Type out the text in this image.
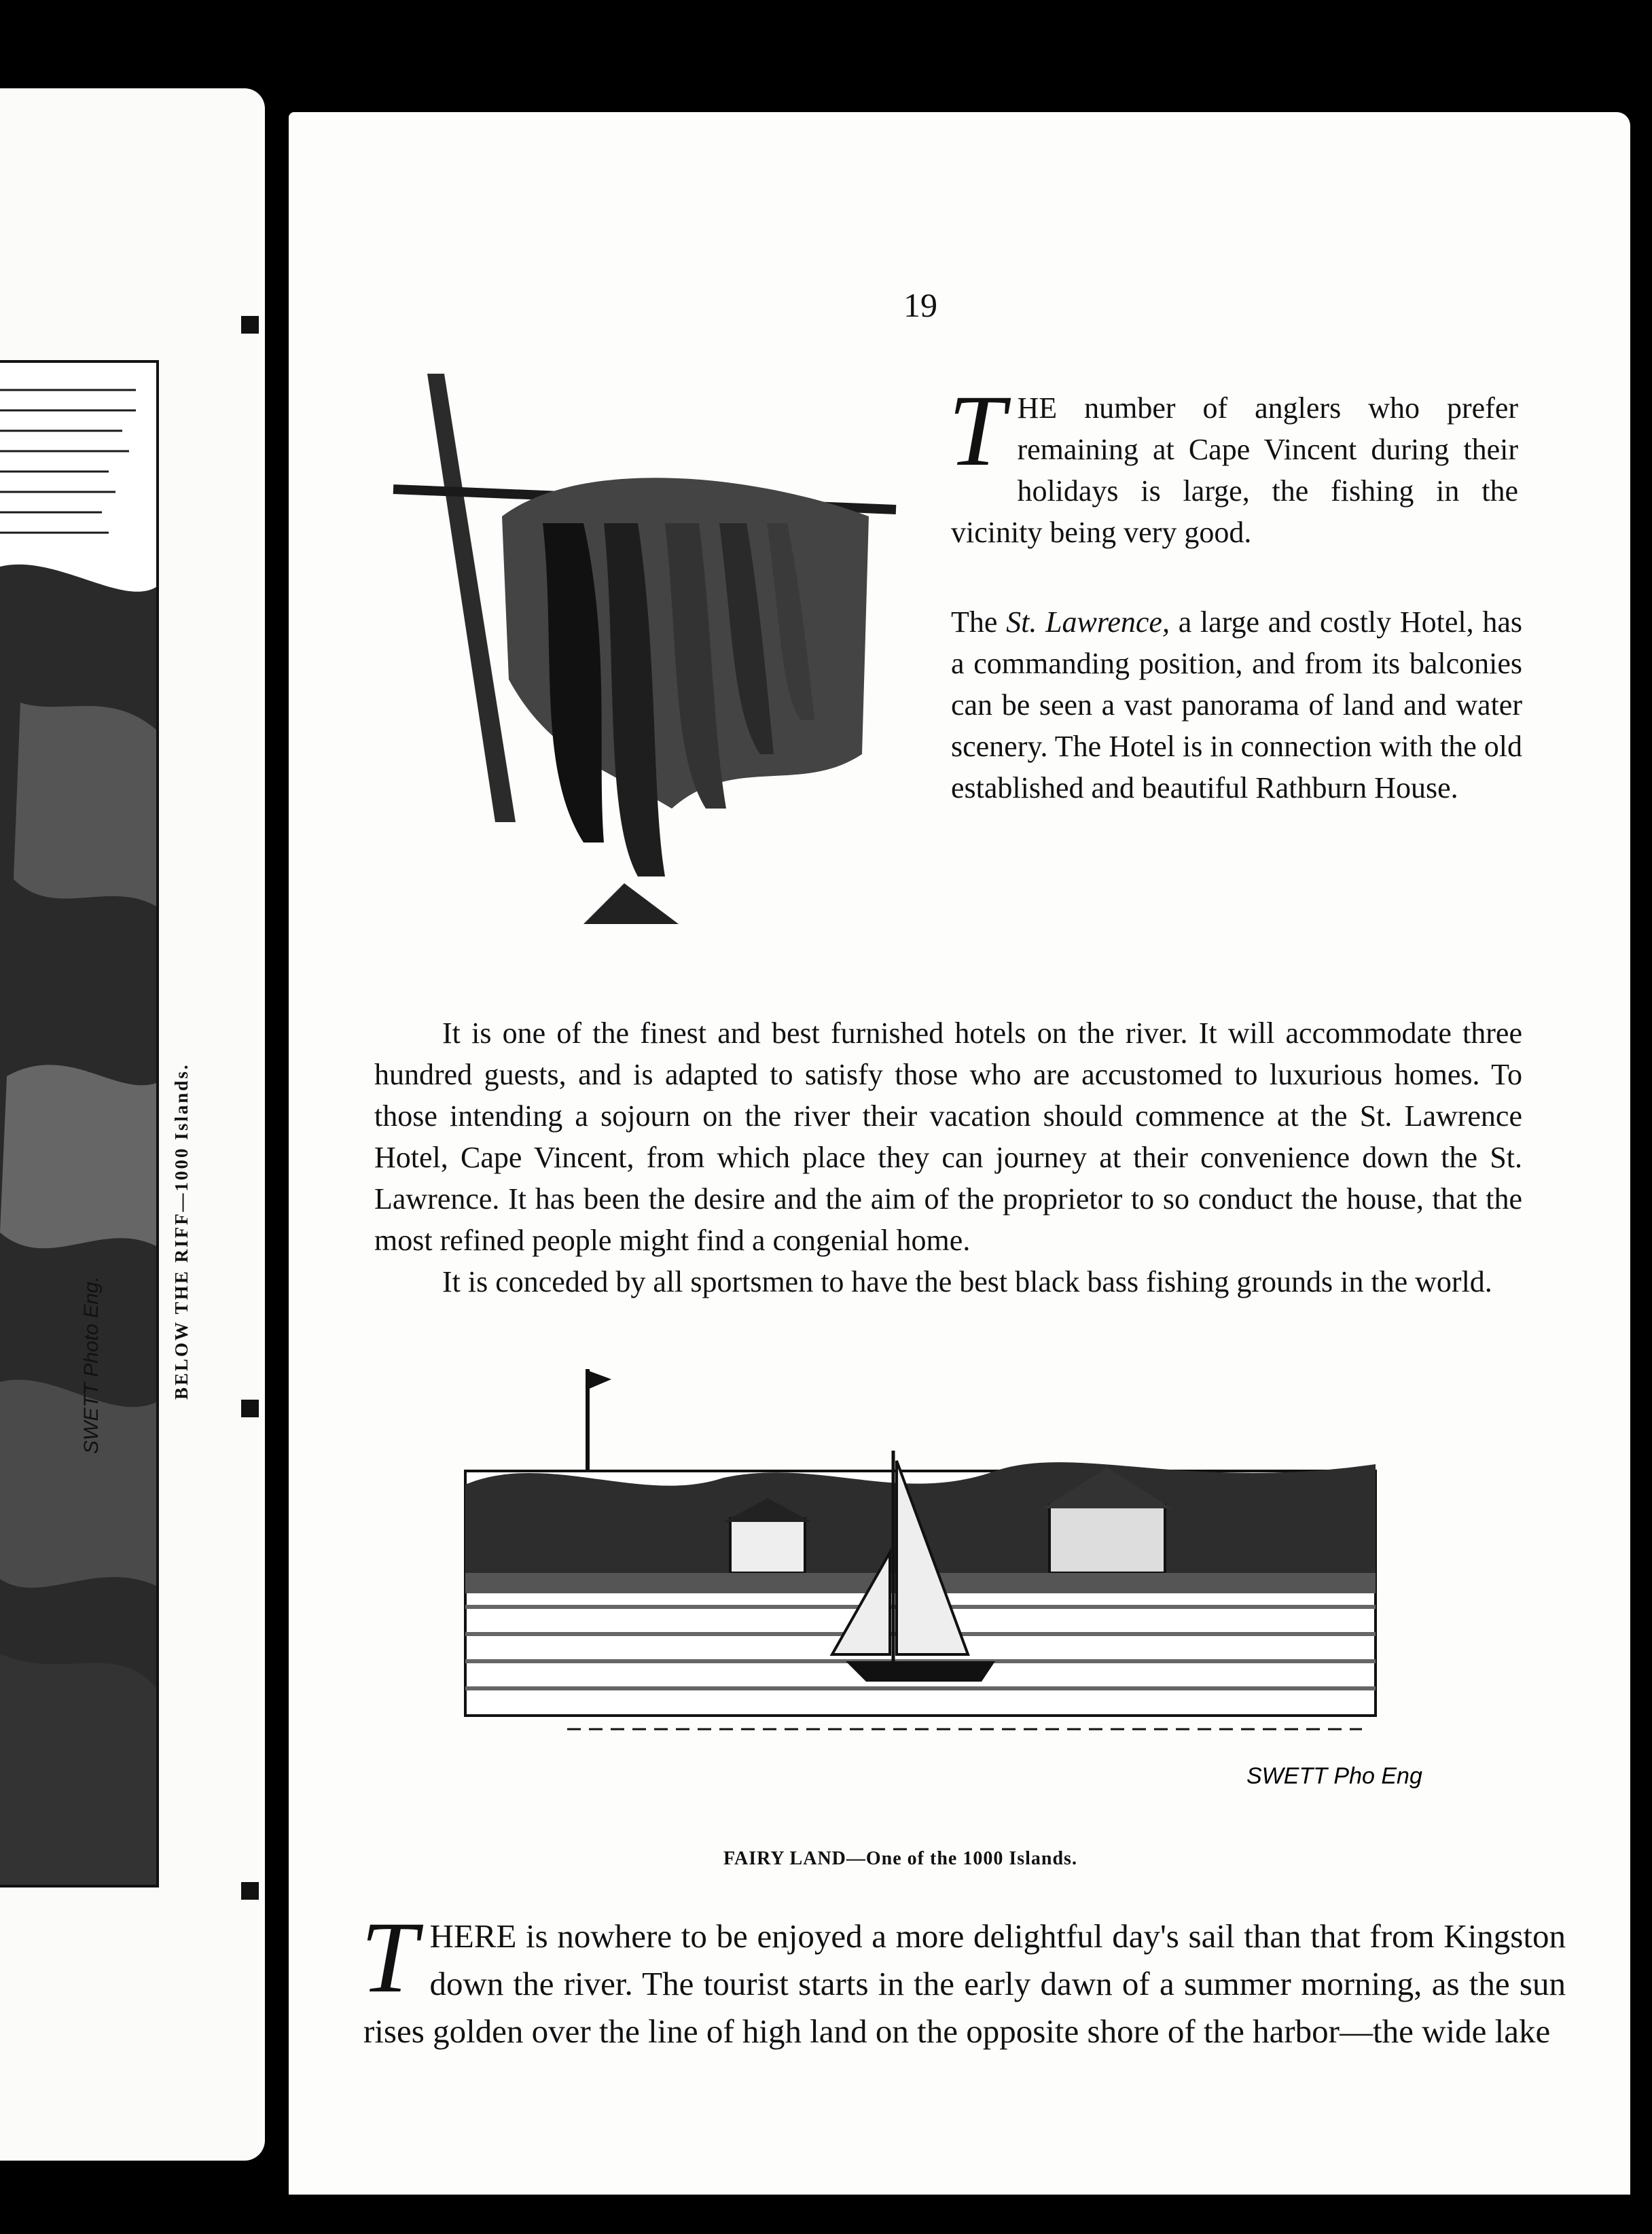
SWETT Photo Eng.	BELOW THE RIFF—1000 Islands.
19

THE number of anglers who prefer remaining at Cape Vincent during their holidays is large, the fishing in the vicinity being very good.

The St. Lawrence, a large and costly Hotel, has a commanding position, and from its balconies can be seen a vast panorama of land and water scenery. The Hotel is in connection with the old established and beautiful Rathburn House.

It is one of the finest and best furnished hotels on the river. It will accommodate three hundred guests, and is adapted to satisfy those who are accustomed to luxurious homes. To those intending a sojourn on the river their vacation should commence at the St. Lawrence Hotel, Cape Vincent, from which place they can journey at their convenience down the St. Lawrence. It has been the desire and the aim of the proprietor to so conduct the house, that the most refined people might find a congenial home.

It is conceded by all sportsmen to have the best black bass fishing grounds in the world.

SWETT Pho Eng
FAIRY LAND—One of the 1000 Islands.

THERE is nowhere to be enjoyed a more delightful day's sail than that from Kingston down the river. The tourist starts in the early dawn of a summer morning, as the sun rises golden over the line of high land on the opposite shore of the harbor—the wide lake
